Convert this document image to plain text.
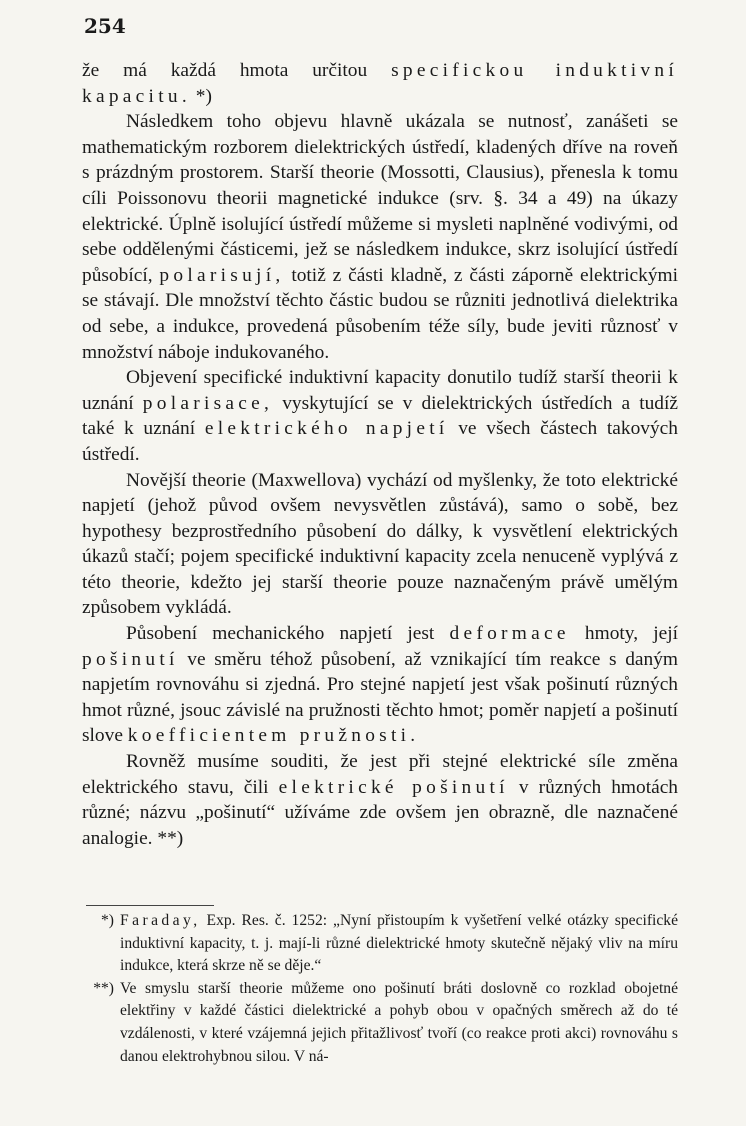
254

že má každá hmota určitou specifickou induktivní kapacitu. *)

Následkem toho objevu hlavně ukázala se nutnosť, zanášeti se mathematickým rozborem dielektrických ústředí, kladených dříve na roveň s prázdným prostorem. Starší theorie (Mossotti, Clausius), přenesla k tomu cíli Poissonovu theorii magnetické indukce (srv. §. 34 a 49) na úkazy elektrické. Úplně isolující ústředí můžeme si mysleti naplněné vodivými, od sebe oddělenými částicemi, jež se následkem indukce, skrz isolující ústředí působící, polarisují, totiž z části kladně, z části záporně elektrickými se stávají. Dle množství těchto částic budou se různiti jednotlivá dielektrika od sebe, a indukce, provedená působením téže síly, bude jeviti různosť v množství náboje indukovaného.

Objevení specifické induktivní kapacity donutilo tudíž starší theorii k uznání polarisace, vyskytující se v dielektrických ústředích a tudíž také k uznání elektrického napjetí ve všech částech takových ústředí.

Novější theorie (Maxwellova) vychází od myšlenky, že toto elektrické napjetí (jehož původ ovšem nevysvětlen zůstává), samo o sobě, bez hypothesy bezprostředního působení do dálky, k vysvětlení elektrických úkazů stačí; pojem specifické induktivní kapacity zcela nenuceně vyplývá z této theorie, kdežto jej starší theorie pouze naznačeným právě umělým způsobem vykládá.

Působení mechanického napjetí jest deformace hmoty, její pošinutí ve směru téhož působení, až vznikající tím reakce s daným napjetím rovnováhu si zjedná. Pro stejné napjetí jest však pošinutí různých hmot různé, jsouc závislé na pružnosti těchto hmot; poměr napjetí a pošinutí slove koefficientem pružnosti.

Rovněž musíme souditi, že jest při stejné elektrické síle změna elektrického stavu, čili elektrické pošinutí v různých hmotách různé; názvu „pošinutí“ užíváme zde ovšem jen obrazně, dle naznačené analogie. **)

*) Faraday, Exp. Res. č. 1252: „Nyní přistoupím k vyšetření velké otázky specifické induktivní kapacity, t. j. mají-li různé dielektrické hmoty skutečně nějaký vliv na míru indukce, která skrze ně se děje.“

**) Ve smyslu starší theorie můžeme ono pošinutí bráti doslovně co rozklad obojetné elektřiny v každé částici dielektrické a pohyb obou v opačných směrech až do té vzdálenosti, v které vzájemná jejich přitažlivosť tvoří (co reakce proti akci) rovnováhu s danou elektrohybnou silou. V ná-
